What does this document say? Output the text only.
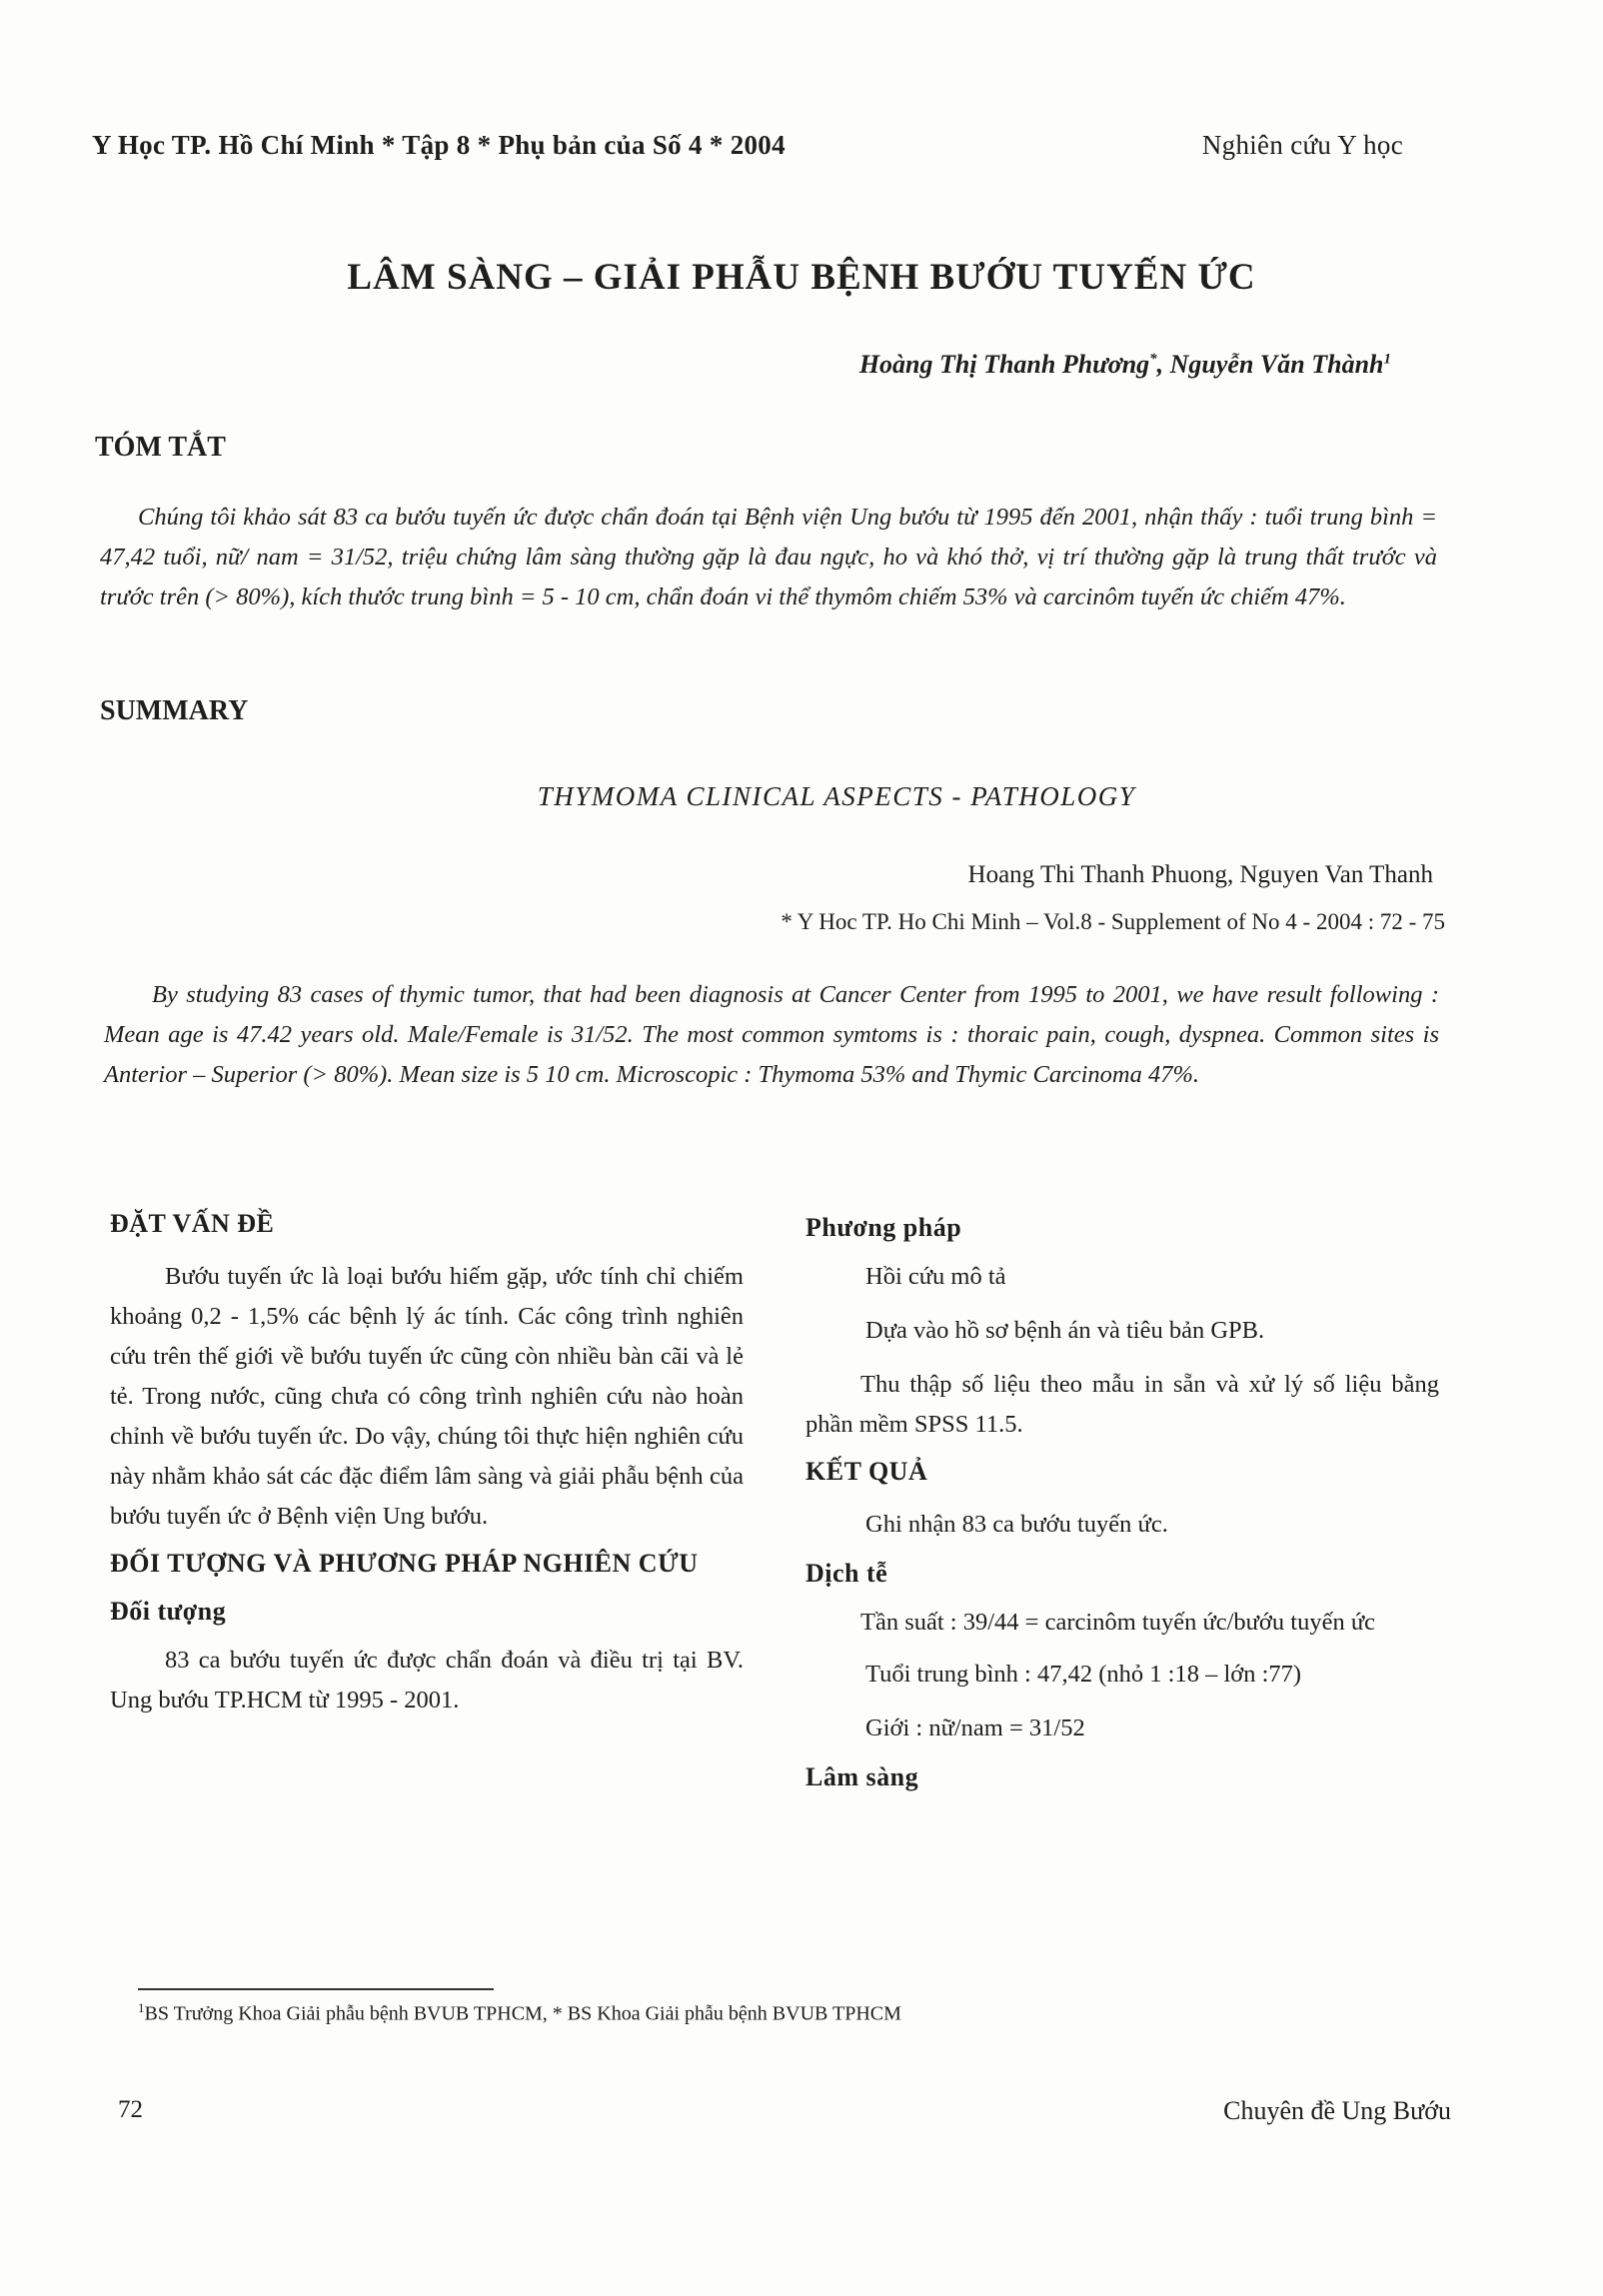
Y Học TP. Hồ Chí Minh * Tập 8 * Phụ bản của Số 4 * 2004	Nghiên cứu Y học
LÂM SÀNG – GIẢI PHẪU BỆNH BƯỚU TUYẾN ỨC
Hoàng Thị Thanh Phương*, Nguyễn Văn Thành$^1$
TÓM TẮT
Chúng tôi khảo sát 83 ca bướu tuyến ức được chẩn đoán tại Bệnh viện Ung bướu từ 1995 đến 2001, nhận thấy : tuổi trung bình = 47,42 tuổi, nữ/ nam = 31/52, triệu chứng lâm sàng thường gặp là đau ngực, ho và khó thở, vị trí thường gặp là trung thất trước và trước trên (> 80%), kích thước trung bình = 5 - 10 cm, chẩn đoán vi thể thymôm chiếm 53% và carcinôm tuyến ức chiếm 47%.
SUMMARY
THYMOMA CLINICAL ASPECTS - PATHOLOGY
Hoang Thi Thanh Phuong, Nguyen Van Thanh
* Y Hoc TP. Ho Chi Minh – Vol.8 - Supplement of No 4 - 2004 : 72 - 75
By studying 83 cases of thymic tumor, that had been diagnosis at Cancer Center from 1995 to 2001, we have result following : Mean age is 47.42 years old. Male/Female is 31/52. The most common symtoms is : thoraic pain, cough, dyspnea. Common sites is Anterior – Superior (> 80%). Mean size is 5 10 cm. Microscopic : Thymoma 53% and Thymic Carcinoma 47%.
ĐẶT VẤN ĐỀ
Bướu tuyến ức là loại bướu hiếm gặp, ước tính chỉ chiếm khoảng 0,2 - 1,5% các bệnh lý ác tính. Các công trình nghiên cứu trên thế giới về bướu tuyến ức cũng còn nhiều bàn cãi và lẻ tẻ. Trong nước, cũng chưa có công trình nghiên cứu nào hoàn chỉnh về bướu tuyến ức. Do vậy, chúng tôi thực hiện nghiên cứu này nhằm khảo sát các đặc điểm lâm sàng và giải phẫu bệnh của bướu tuyến ức ở Bệnh viện Ung bướu.
ĐỐI TƯỢNG VÀ PHƯƠNG PHÁP NGHIÊN CỨU
Đối tượng
83 ca bướu tuyến ức được chẩn đoán và điều trị tại BV. Ung bướu TP.HCM từ 1995 - 2001.
Phương pháp
Hồi cứu mô tả
Dựa vào hồ sơ bệnh án và tiêu bản GPB.
Thu thập số liệu theo mẫu in sẵn và xử lý số liệu bằng phần mềm SPSS 11.5.
KẾT QUẢ
Ghi nhận 83 ca bướu tuyến ức.
Dịch tễ
Tần suất : 39/44 = carcinôm tuyến ức/bướu tuyến ức
Tuổi trung bình : 47,42 (nhỏ 1 :18 – lớn :77)
Giới : nữ/nam = 31/52
Lâm sàng
$^1$BS Trưởng Khoa Giải phẫu bệnh BVUB TPHCM, * BS Khoa Giải phẫu bệnh BVUB TPHCM
72	Chuyên đề Ung Bướu
